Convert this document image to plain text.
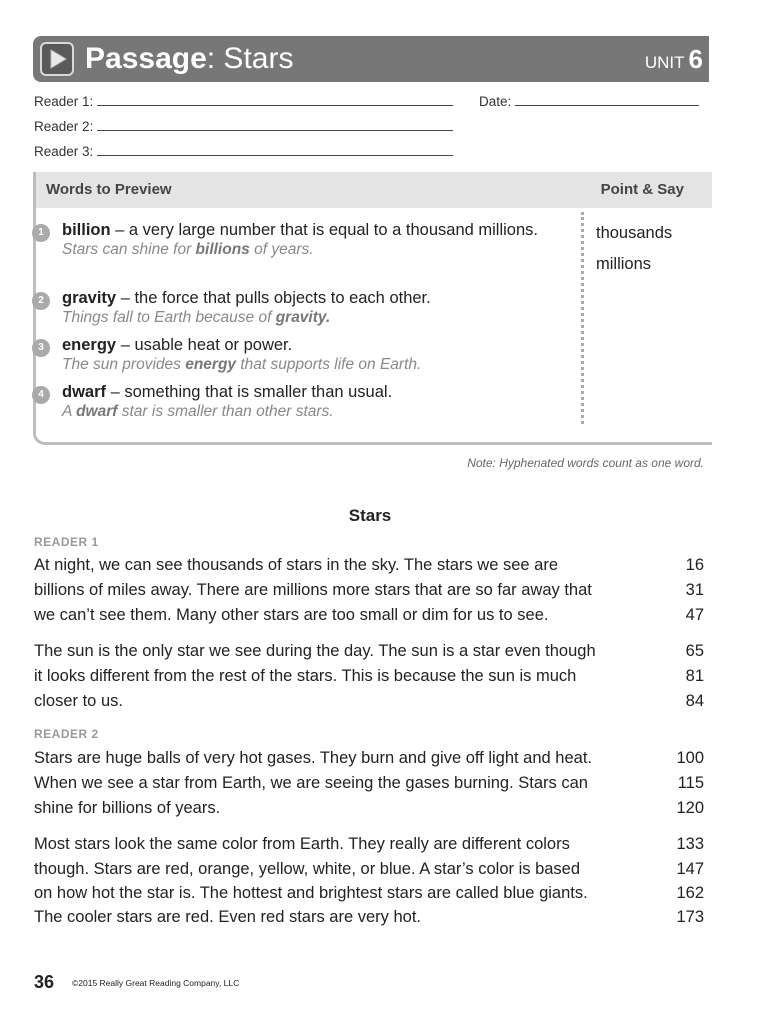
Passage: Stars	UNIT 6
Reader 1:	Date:
Reader 2:
Reader 3:
Words to Preview	Point & Say
1	billion – a very large number that is equal to a thousand millions.
Stars can shine for billions of years.
2	gravity – the force that pulls objects to each other.
Things fall to Earth because of gravity.
3	energy – usable heat or power.
The sun provides energy that supports life on Earth.
4	dwarf – something that is smaller than usual.
A dwarf star is smaller than other stars.
thousands
millions
Note: Hyphenated words count as one word.
Stars
READER 1
At night, we can see thousands of stars in the sky. The stars we see are	16
billions of miles away. There are millions more stars that are so far away that	31
we can’t see them. Many other stars are too small or dim for us to see.	47
The sun is the only star we see during the day. The sun is a star even though	65
it looks different from the rest of the stars. This is because the sun is much	81
closer to us.	84
READER 2
Stars are huge balls of very hot gases. They burn and give off light and heat.	100
When we see a star from Earth, we are seeing the gases burning. Stars can	115
shine for billions of years.	120
Most stars look the same color from Earth. They really are different colors	133
though. Stars are red, orange, yellow, white, or blue. A star’s color is based	147
on how hot the star is. The hottest and brightest stars are called blue giants.	162
The cooler stars are red. Even red stars are very hot.	173
36 ©2015 Really Great Reading Company, LLC
